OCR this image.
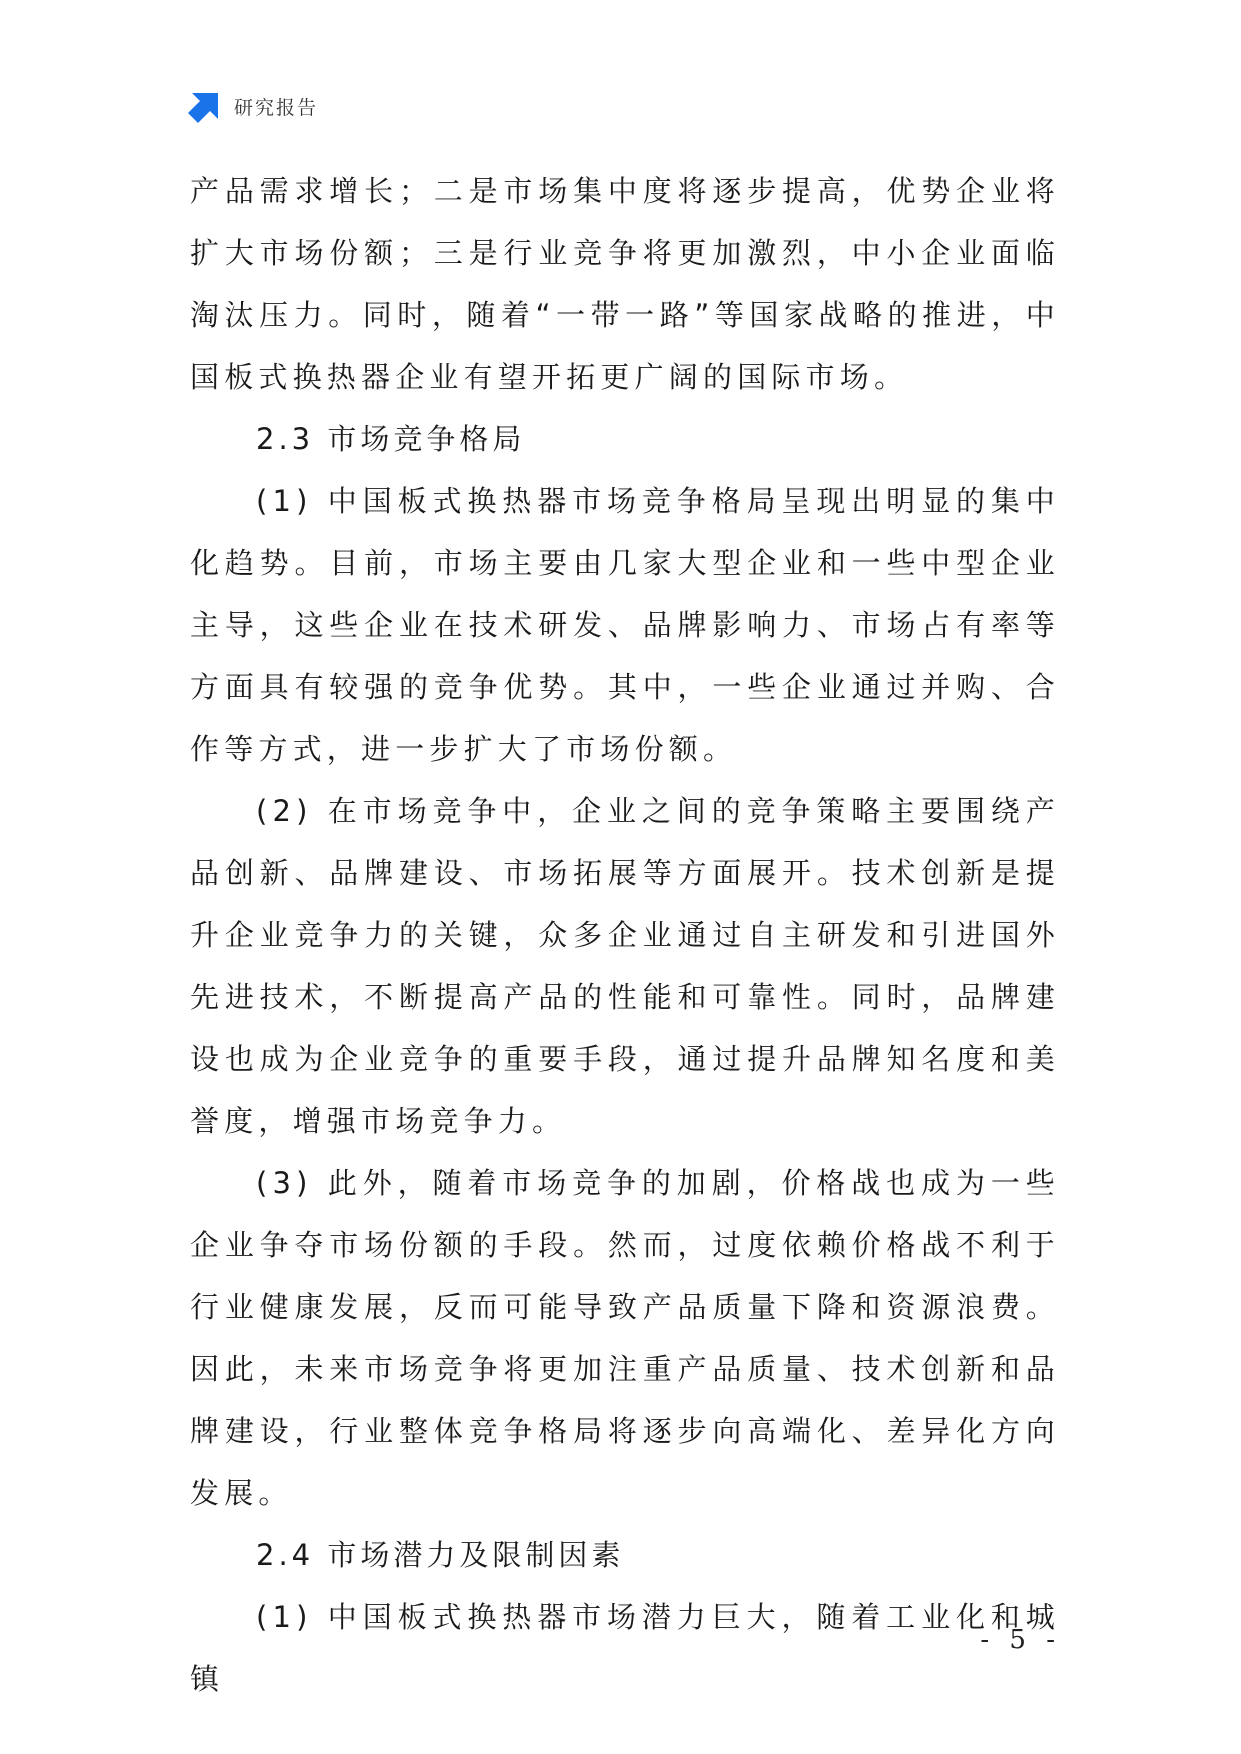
研究报告

产品需求增长；二是市场集中度将逐步提高，优势企业将扩大市场份额；三是行业竞争将更加激烈，中小企业面临淘汰压力。同时，随着“一带一路”等国家战略的推进，中国板式换热器企业有望开拓更广阔的国际市场。

2.3 市场竞争格局

(1) 中国板式换热器市场竞争格局呈现出明显的集中化趋势。目前，市场主要由几家大型企业和一些中型企业主导，这些企业在技术研发、品牌影响力、市场占有率等方面具有较强的竞争优势。其中，一些企业通过并购、合作等方式，进一步扩大了市场份额。

(2) 在市场竞争中，企业之间的竞争策略主要围绕产品创新、品牌建设、市场拓展等方面展开。技术创新是提升企业竞争力的关键，众多企业通过自主研发和引进国外先进技术，不断提高产品的性能和可靠性。同时，品牌建设也成为企业竞争的重要手段，通过提升品牌知名度和美誉度，增强市场竞争力。

(3) 此外，随着市场竞争的加剧，价格战也成为一些企业争夺市场份额的手段。然而，过度依赖价格战不利于行业健康发展，反而可能导致产品质量下降和资源浪费。因此，未来市场竞争将更加注重产品质量、技术创新和品牌建设，行业整体竞争格局将逐步向高端化、差异化方向发展。

2.4 市场潜力及限制因素

(1) 中国板式换热器市场潜力巨大，随着工业化和城镇

- 5 -
